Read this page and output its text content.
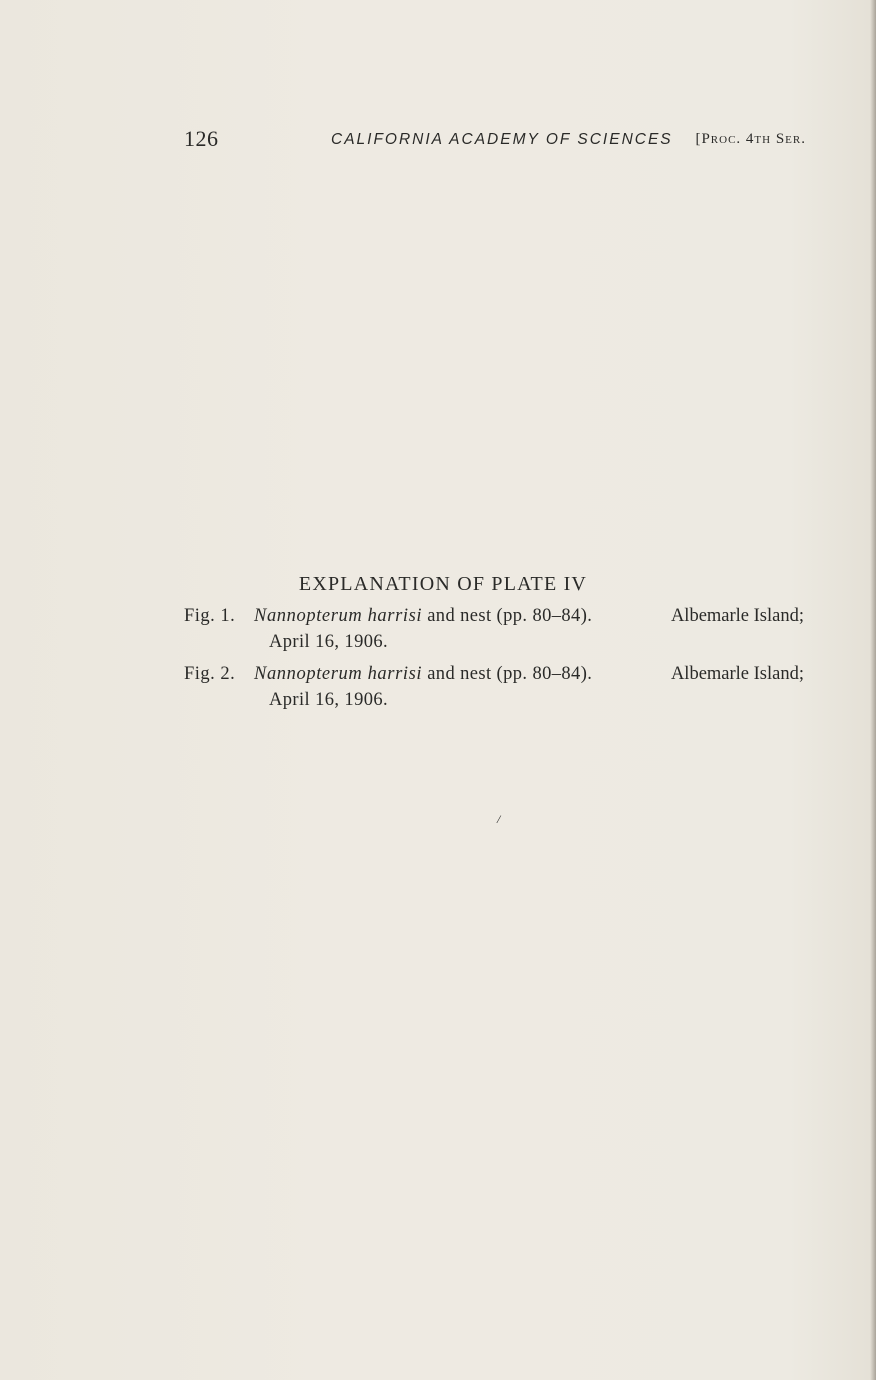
126	CALIFORNIA ACADEMY OF SCIENCES [Proc. 4th Ser.
EXPLANATION OF PLATE IV
Fig. 1. Nannopterum harrisi and nest (pp. 80–84).	Albemarle Island;
April 16, 1906.
Fig. 2. Nannopterum harrisi and nest (pp. 80–84).	Albemarle Island;
April 16, 1906.
/
